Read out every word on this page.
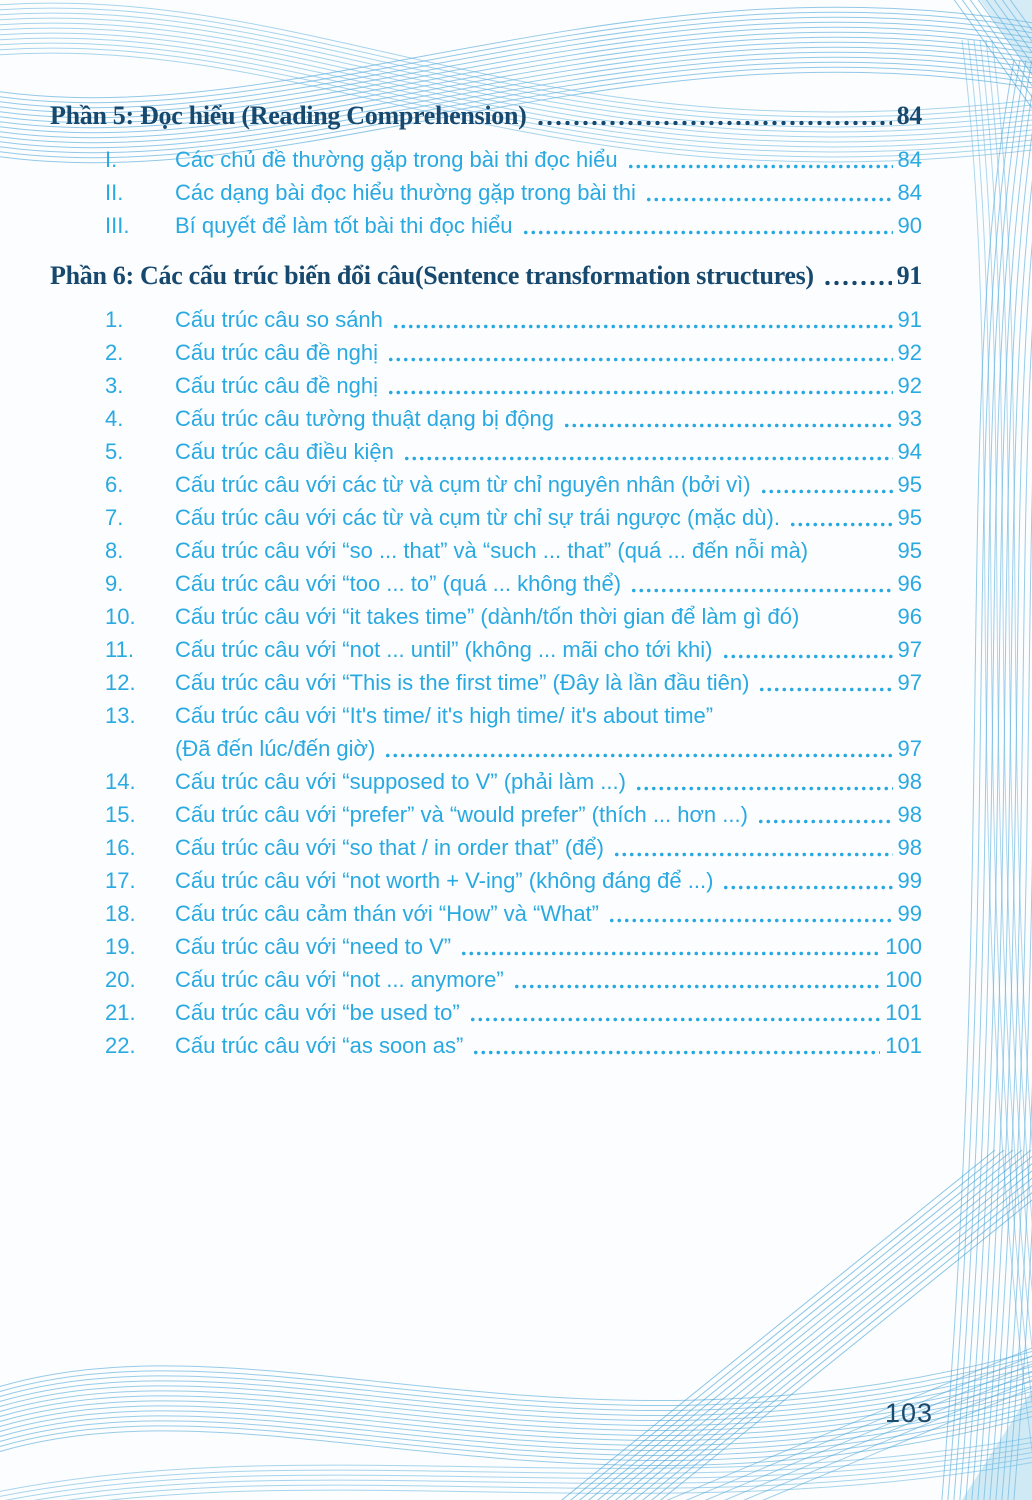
Phần 5: Đọc hiểu (Reading Comprehension)	84
I.	Các chủ đề thường gặp trong bài thi đọc hiểu	84
II.	Các dạng bài đọc hiểu thường gặp trong bài thi	84
III.	Bí quyết để làm tốt bài thi đọc hiểu	90
Phần 6: Các cấu trúc biến đổi câu(Sentence transformation structures)	91
1.	Cấu trúc câu so sánh	91
2.	Cấu trúc câu đề nghị	92
3.	Cấu trúc câu đề nghị	92
4.	Cấu trúc câu tường thuật dạng bị động	93
5.	Cấu trúc câu điều kiện	94
6.	Cấu trúc câu với các từ và cụm từ chỉ nguyên nhân (bởi vì)	95
7.	Cấu trúc câu với các từ và cụm từ chỉ sự trái ngược (mặc dù).	95
8.	Cấu trúc câu với “so ... that” và “such ... that” (quá ... đến nỗi mà)	95
9.	Cấu trúc câu với “too ... to” (quá ... không thể)	96
10.	Cấu trúc câu với “it takes time” (dành/tốn thời gian để làm gì đó)	96
11.	Cấu trúc câu với “not ... until” (không ... mãi cho tới khi)	97
12.	Cấu trúc câu với “This is the first time” (Đây là lần đầu tiên)	97
13.	Cấu trúc câu với “It's time/ it's high time/ it's about time”
(Đã đến lúc/đến giờ)	97
14.	Cấu trúc câu với “supposed to V” (phải làm ...)	98
15.	Cấu trúc câu với “prefer” và “would prefer” (thích ... hơn ...)	98
16.	Cấu trúc câu với “so that / in order that” (để)	98
17.	Cấu trúc câu với “not worth + V-ing” (không đáng để ...)	99
18.	Cấu trúc câu cảm thán với “How” và “What”	99
19.	Cấu trúc câu với “need to V”	100
20.	Cấu trúc câu với “not ... anymore”	100
21.	Cấu trúc câu với “be used to”	101
22.	Cấu trúc câu với “as soon as”	101
103
